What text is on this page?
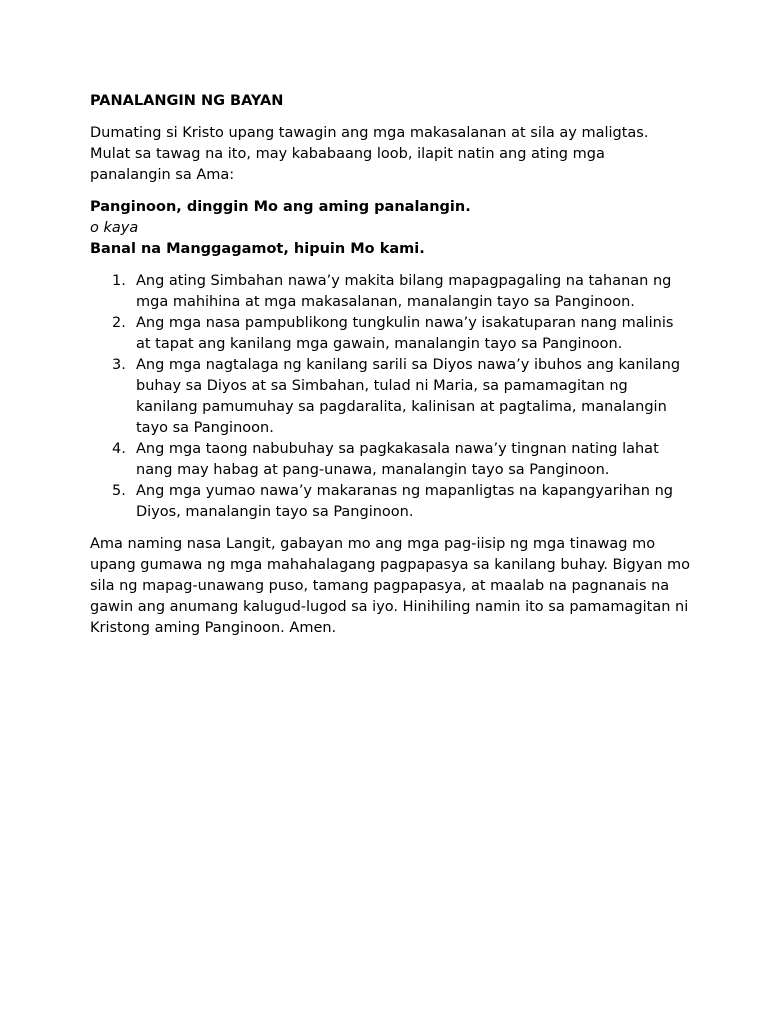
PANALANGIN NG BAYAN
Dumating si Kristo upang tawagin ang mga makasalanan at sila ay maligtas. Mulat sa tawag na ito, may kababaang loob, ilapit natin ang ating mga panalangin sa Ama:
Panginoon, dinggin Mo ang aming panalangin.
o kaya
Banal na Manggagamot, hipuin Mo kami.
1. Ang ating Simbahan nawa’y makita bilang mapagpagaling na tahanan ng mga mahihina at mga makasalanan, manalangin tayo sa Panginoon.
2. Ang mga nasa pampublikong tungkulin nawa’y isakatuparan nang malinis at tapat ang kanilang mga gawain, manalangin tayo sa Panginoon.
3. Ang mga nagtalaga ng kanilang sarili sa Diyos nawa’y ibuhos ang kanilang buhay sa Diyos at sa Simbahan, tulad ni Maria, sa pamamagitan ng kanilang pamumuhay sa pagdaralita, kalinisan at pagtalima, manalangin tayo sa Panginoon.
4. Ang mga taong nabubuhay sa pagkakasala nawa’y tingnan nating lahat nang may habag at pang-unawa, manalangin tayo sa Panginoon.
5. Ang mga yumao nawa’y makaranas ng mapanligtas na kapangyarihan ng Diyos, manalangin tayo sa Panginoon.
Ama naming nasa Langit, gabayan mo ang mga pag-iisip ng mga tinawag mo upang gumawa ng mga mahahalagang pagpapasya sa kanilang buhay. Bigyan mo sila ng mapag-unawang puso, tamang pagpapasya, at maalab na pagnanais na gawin ang anumang kalugud-lugod sa iyo. Hinihiling namin ito sa pamamagitan ni Kristong aming Panginoon. Amen.
